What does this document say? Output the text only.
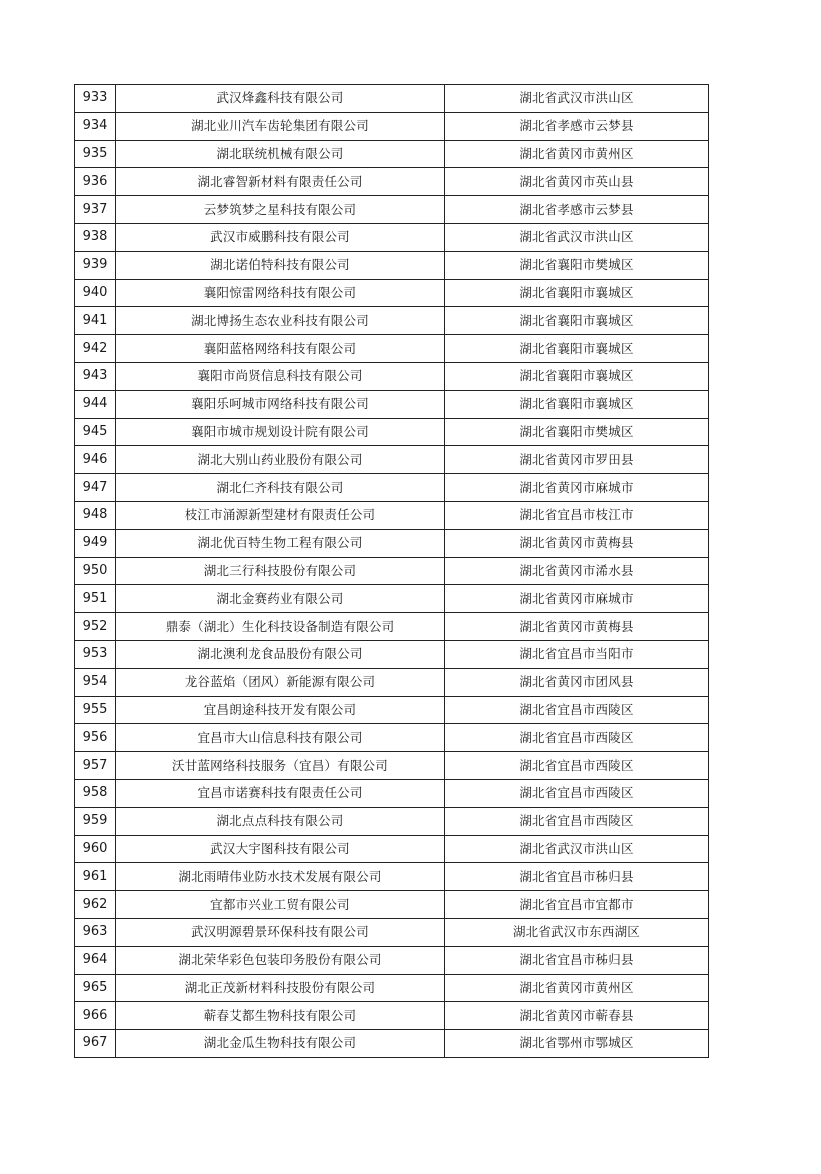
933	武汉烽鑫科技有限公司	湖北省武汉市洪山区
934	湖北业川汽车齿轮集团有限公司	湖北省孝感市云梦县
935	湖北联统机械有限公司	湖北省黄冈市黄州区
936	湖北睿智新材料有限责任公司	湖北省黄冈市英山县
937	云梦筑梦之星科技有限公司	湖北省孝感市云梦县
938	武汉市威鹏科技有限公司	湖北省武汉市洪山区
939	湖北诺伯特科技有限公司	湖北省襄阳市樊城区
940	襄阳惊雷网络科技有限公司	湖北省襄阳市襄城区
941	湖北博扬生态农业科技有限公司	湖北省襄阳市襄城区
942	襄阳蓝格网络科技有限公司	湖北省襄阳市襄城区
943	襄阳市尚贤信息科技有限公司	湖北省襄阳市襄城区
944	襄阳乐呵城市网络科技有限公司	湖北省襄阳市襄城区
945	襄阳市城市规划设计院有限公司	湖北省襄阳市樊城区
946	湖北大别山药业股份有限公司	湖北省黄冈市罗田县
947	湖北仁齐科技有限公司	湖北省黄冈市麻城市
948	枝江市涌源新型建材有限责任公司	湖北省宜昌市枝江市
949	湖北优百特生物工程有限公司	湖北省黄冈市黄梅县
950	湖北三行科技股份有限公司	湖北省黄冈市浠水县
951	湖北金赛药业有限公司	湖北省黄冈市麻城市
952	鼎泰（湖北）生化科技设备制造有限公司	湖北省黄冈市黄梅县
953	湖北澳利龙食品股份有限公司	湖北省宜昌市当阳市
954	龙谷蓝焰（团风）新能源有限公司	湖北省黄冈市团风县
955	宜昌朗途科技开发有限公司	湖北省宜昌市西陵区
956	宜昌市大山信息科技有限公司	湖北省宜昌市西陵区
957	沃甘蓝网络科技服务（宜昌）有限公司	湖北省宜昌市西陵区
958	宜昌市诺赛科技有限责任公司	湖北省宜昌市西陵区
959	湖北点点科技有限公司	湖北省宜昌市西陵区
960	武汉大宇图科技有限公司	湖北省武汉市洪山区
961	湖北雨晴伟业防水技术发展有限公司	湖北省宜昌市秭归县
962	宜都市兴业工贸有限公司	湖北省宜昌市宜都市
963	武汉明源碧景环保科技有限公司	湖北省武汉市东西湖区
964	湖北荣华彩色包装印务股份有限公司	湖北省宜昌市秭归县
965	湖北正茂新材料科技股份有限公司	湖北省黄冈市黄州区
966	蕲春艾都生物科技有限公司	湖北省黄冈市蕲春县
967	湖北金瓜生物科技有限公司	湖北省鄂州市鄂城区
